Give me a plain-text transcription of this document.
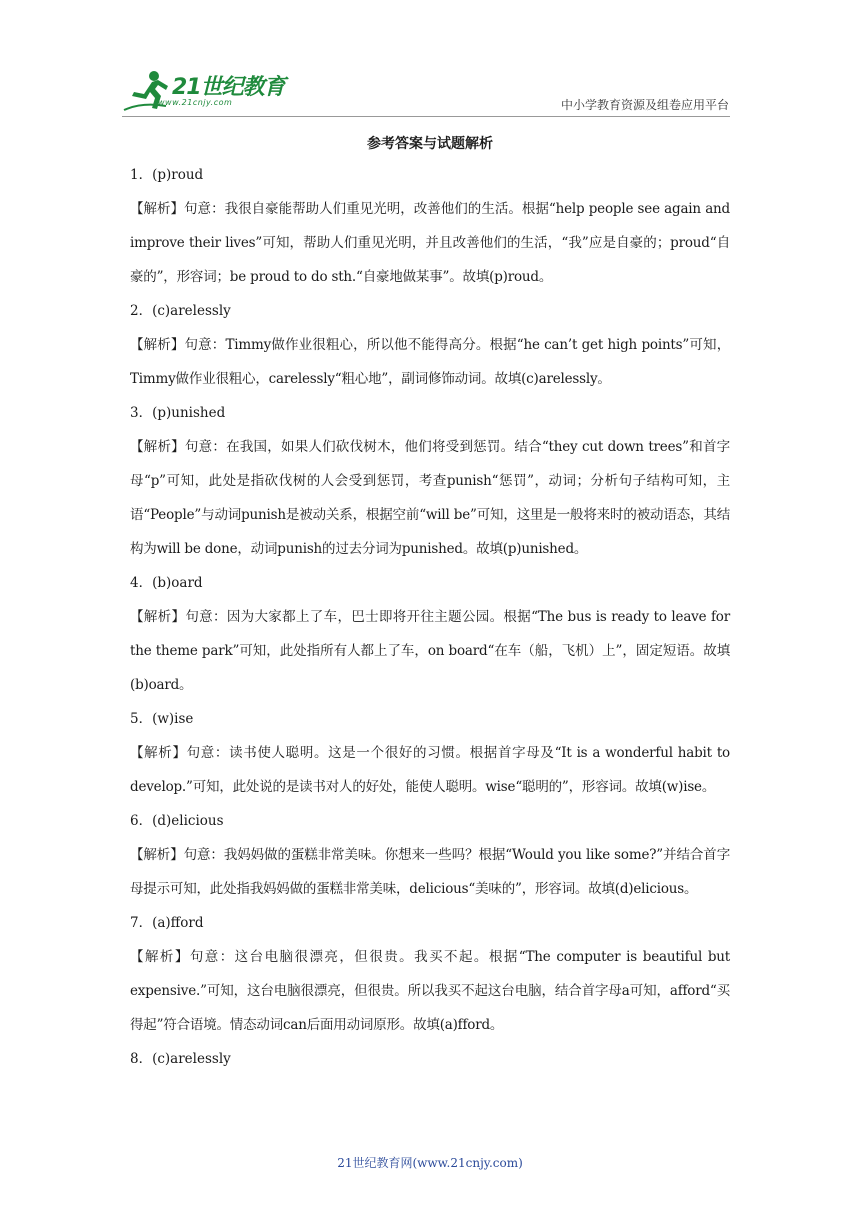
21世纪教育
www.21cnjy.com	中小学教育资源及组卷应用平台
参考答案与试题解析
1．(p)roud
【解析】句意：我很自豪能帮助人们重见光明，改善他们的生活。根据“help people see again and improve their lives”可知，帮助人们重见光明，并且改善他们的生活，“我”应是自豪的；proud“自豪的”，形容词；be proud to do sth.“自豪地做某事”。故填(p)roud。
2．(c)arelessly
【解析】句意：Timmy做作业很粗心，所以他不能得高分。根据“he can’t get high points”可知，Timmy做作业很粗心，carelessly“粗心地”，副词修饰动词。故填(c)arelessly。
3．(p)unished
【解析】句意：在我国，如果人们砍伐树木，他们将受到惩罚。结合“they cut down trees”和首字母“p”可知，此处是指砍伐树的人会受到惩罚，考查punish“惩罚”，动词；分析句子结构可知，主语“People”与动词punish是被动关系，根据空前“will be”可知，这里是一般将来时的被动语态，其结构为will be done，动词punish的过去分词为punished。故填(p)unished。
4．(b)oard
【解析】句意：因为大家都上了车，巴士即将开往主题公园。根据“The bus is ready to leave for the theme park”可知，此处指所有人都上了车，on board“在车（船，飞机）上”，固定短语。故填(b)oard。
5．(w)ise
【解析】句意：读书使人聪明。这是一个很好的习惯。根据首字母及“It is a wonderful habit to develop.”可知，此处说的是读书对人的好处，能使人聪明。wise“聪明的”，形容词。故填(w)ise。
6．(d)elicious
【解析】句意：我妈妈做的蛋糕非常美味。你想来一些吗？根据“Would you like some?”并结合首字母提示可知，此处指我妈妈做的蛋糕非常美味，delicious“美味的”，形容词。故填(d)elicious。
7．(a)fford
【解析】句意：这台电脑很漂亮，但很贵。我买不起。根据“The computer is beautiful but expensive.”可知，这台电脑很漂亮，但很贵。所以我买不起这台电脑，结合首字母a可知，afford“买得起”符合语境。情态动词can后面用动词原形。故填(a)fford。
8．(c)arelessly
21世纪教育网(www.21cnjy.com)
